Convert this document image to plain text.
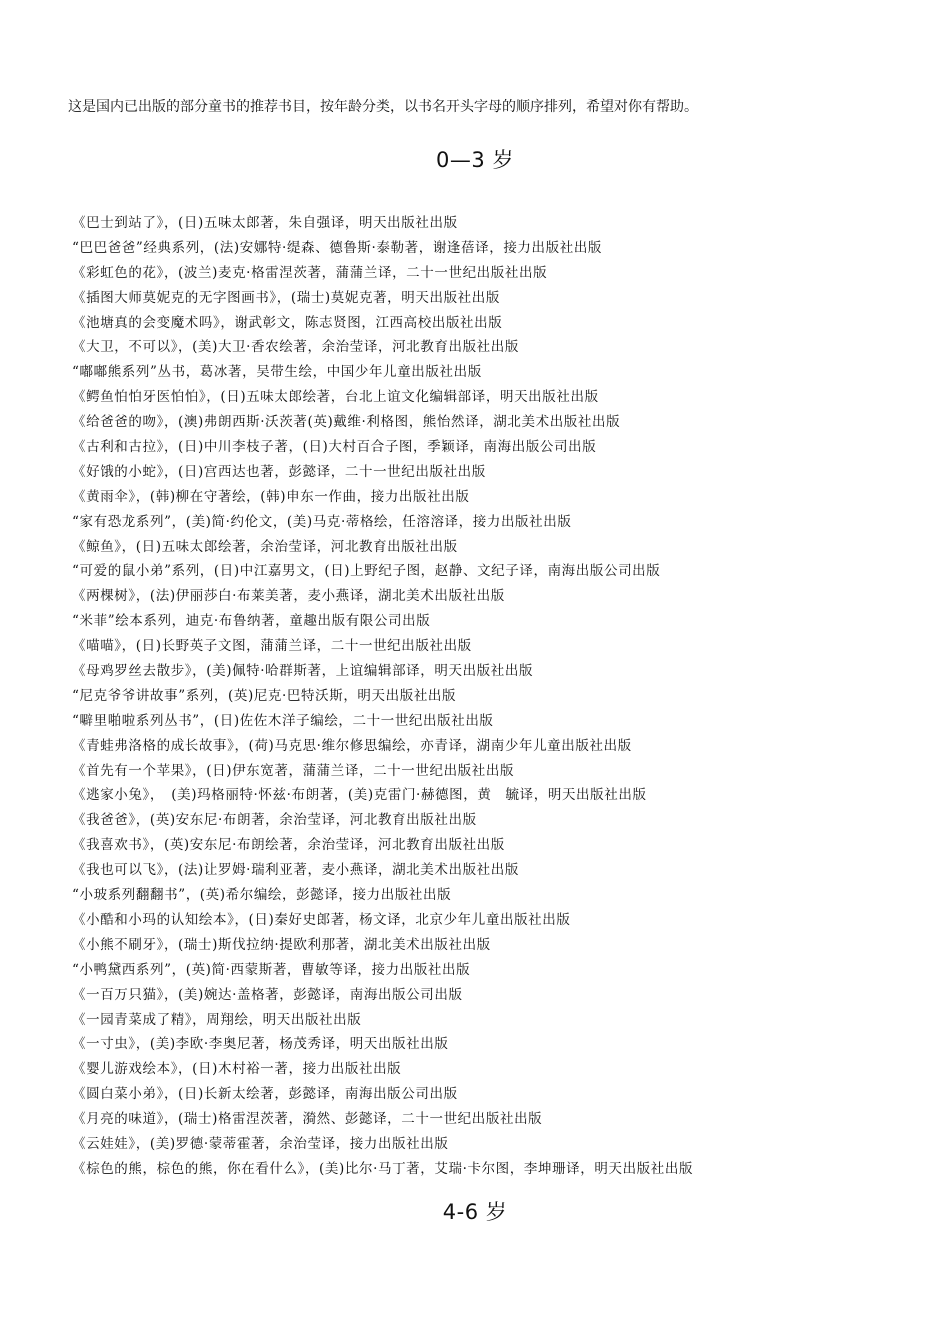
这是国内已出版的部分童书的推荐书目，按年龄分类，以书名开头字母的顺序排列，希望对你有帮助。
0—3 岁
《巴士到站了》，(日)五味太郎著，朱自强译，明天出版社出版
“巴巴爸爸”经典系列，(法)安娜特·缇森、德鲁斯·泰勒著，谢逢蓓译，接力出版社出版
《彩虹色的花》，(波兰)麦克·格雷涅茨著，蒲蒲兰译，二十一世纪出版社出版
《插图大师莫妮克的无字图画书》，(瑞士)莫妮克著，明天出版社出版
《池塘真的会变魔术吗》，谢武彰文，陈志贤图，江西高校出版社出版
《大卫，不可以》，(美)大卫·香农绘著，余治莹译，河北教育出版社出版
“嘟嘟熊系列”丛书，葛冰著，吴带生绘，中国少年儿童出版社出版
《鳄鱼怕怕牙医怕怕》，(日)五味太郎绘著，台北上谊文化编辑部译，明天出版社出版
《给爸爸的吻》，(澳)弗朗西斯·沃茨著(英)戴维·利格图，熊怡然译，湖北美术出版社出版
《古利和古拉》，(日)中川李枝子著，(日)大村百合子图，季颖译，南海出版公司出版
《好饿的小蛇》，(日)宫西达也著，彭懿译，二十一世纪出版社出版
《黄雨伞》，(韩)柳在守著绘，(韩)申东一作曲，接力出版社出版
“家有恐龙系列”，(美)简·约伦文，(美)马克·蒂格绘，任溶溶译，接力出版社出版
《鲸鱼》，(日)五味太郎绘著，余治莹译，河北教育出版社出版
“可爱的鼠小弟”系列，(日)中江嘉男文，(日)上野纪子图，赵静、文纪子译，南海出版公司出版
《两棵树》，(法)伊丽莎白·布莱美著，麦小燕译，湖北美术出版社出版
“米菲”绘本系列，迪克·布鲁纳著，童趣出版有限公司出版
《喵喵》，(日)长野英子文图，蒲蒲兰译，二十一世纪出版社出版
《母鸡罗丝去散步》，(美)佩特·哈群斯著，上谊编辑部译，明天出版社出版
“尼克爷爷讲故事”系列，(英)尼克·巴特沃斯，明天出版社出版
“噼里啪啦系列丛书”，(日)佐佐木洋子编绘，二十一世纪出版社出版
《青蛙弗洛格的成长故事》，(荷)马克思·维尔修思编绘，亦青译，湖南少年儿童出版社出版
《首先有一个苹果》，(日)伊东宽著，蒲蒲兰译，二十一世纪出版社出版
《逃家小兔》，　(美)玛格丽特·怀兹·布朗著，(美)克雷门·赫德图，黄　毓译，明天出版社出版
《我爸爸》，(英)安东尼·布朗著，余治莹译，河北教育出版社出版
《我喜欢书》，(英)安东尼·布朗绘著，余治莹译，河北教育出版社出版
《我也可以飞》，(法)让罗姆·瑞利亚著，麦小燕译，湖北美术出版社出版
“小玻系列翻翻书”，(英)希尔编绘，彭懿译，接力出版社出版
《小酷和小玛的认知绘本》，(日)秦好史郎著，杨文译，北京少年儿童出版社出版
《小熊不刷牙》，(瑞士)斯伐拉纳·提欧利那著，湖北美术出版社出版
“小鸭黛西系列”，(英)简·西蒙斯著，曹敏等译，接力出版社出版
《一百万只猫》，(美)婉达·盖格著，彭懿译，南海出版公司出版
《一园青菜成了精》，周翔绘，明天出版社出版
《一寸虫》，(美)李欧·李奥尼著，杨茂秀译，明天出版社出版
《婴儿游戏绘本》，(日)木村裕一著，接力出版社出版
《圆白菜小弟》，(日)长新太绘著，彭懿译，南海出版公司出版
《月亮的味道》，(瑞士)格雷涅茨著，漪然、彭懿译，二十一世纪出版社出版
《云娃娃》，(美)罗德·蒙蒂霍著，余治莹译，接力出版社出版
《棕色的熊，棕色的熊，你在看什么》，(美)比尔·马丁著，艾瑞·卡尔图，李坤珊译，明天出版社出版
4-6 岁
